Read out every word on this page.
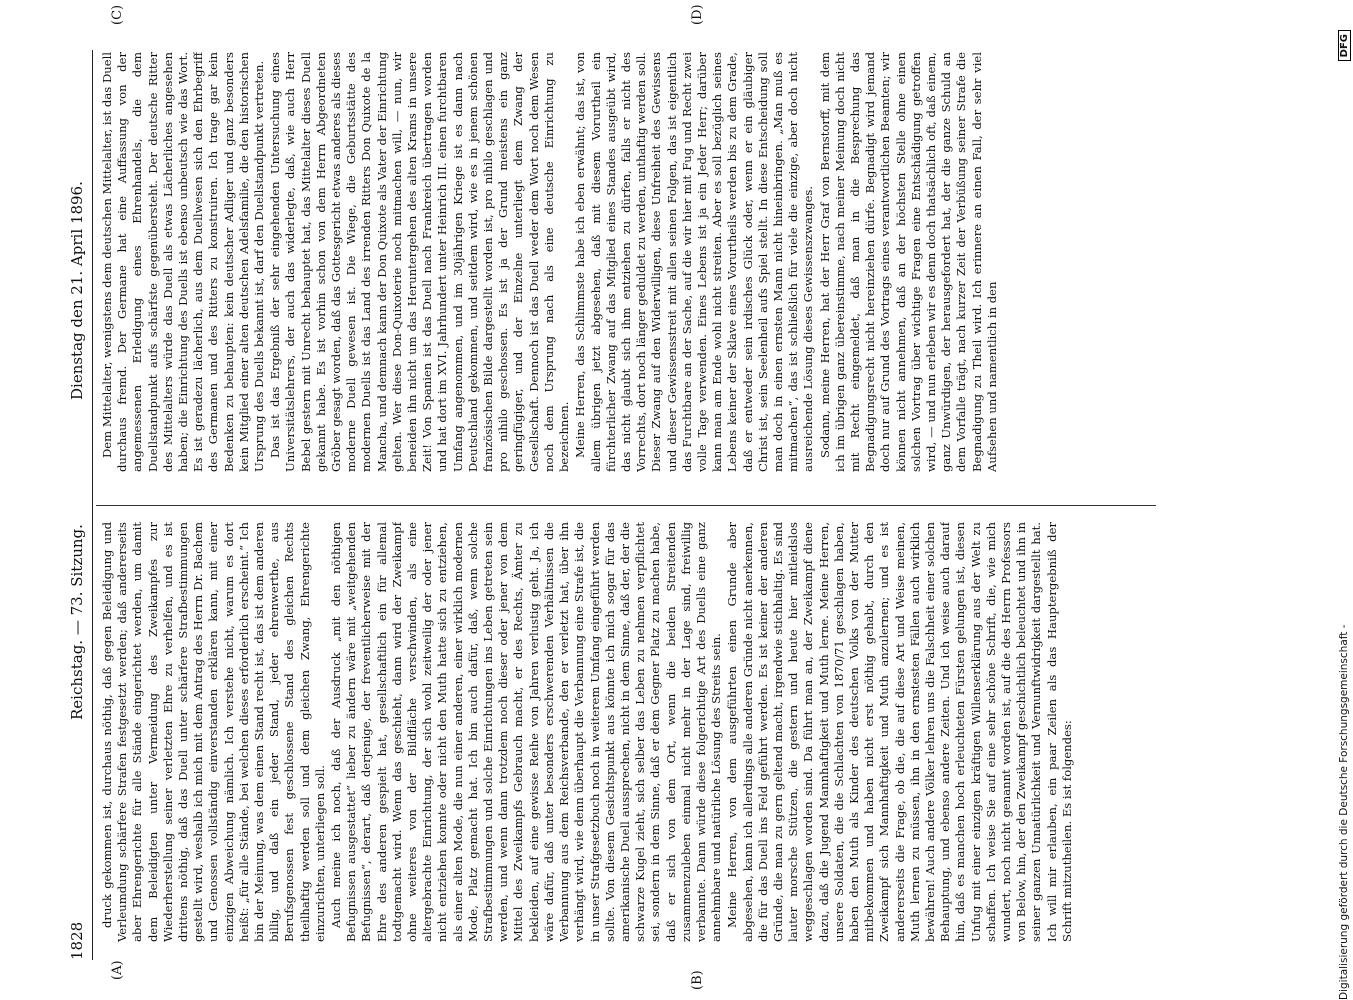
1828
Reichstag. — 73. Sitzung.
Dienstag den 21. April 1896.
(A)
(B)
(C)	(D)

druck gekommen ist, durchaus nöthig, daß gegen Beleidigung und Verleumdung schärfere Strafen festgesetzt werden; daß andererseits aber Ehrengerichte für alle Stände eingerichtet werden, um damit dem Beleidigten unter Vermeidung des Zweikampfes zur Wiederherstellung seiner verletzten Ehre zu verhelfen, und es ist drittens nöthig, daß das Duell unter schärfere Strafbestimmungen gestellt wird, weshalb ich mich mit dem Antrag des Herrn Dr. Bachem und Genossen vollständig einverstanden erklären kann, mit einer einzigen Abweichung nämlich. Ich verstehe nicht, warum es dort heißt: „für alle Stände, bei welchen dieses erforderlich erscheint.“ Ich bin der Meinung, was dem einen Stand recht ist, das ist dem anderen billig, und daß ein jeder Stand, jeder ehrenwerthe, aus Berufsgenossen fest geschlossene Stand des gleichen Rechts theilhaftig werden soll und dem gleichen Zwang, Ehrengerichte einzurichten, unterliegen soll. Auch meine ich noch, daß der Ausdruck „mit den nöthigen Befugnissen ausgestattet“ lieber zu ändern wäre mit „weitgehenden Befugnissen“, derart, daß derjenige, der freventlicherweise mit der Ehre des anderen gespielt hat, gesellschaftlich ein für allemal todtgemacht wird. Wenn das geschieht, dann wird der Zweikampf ohne weiteres von der Bildfläche verschwinden, als eine altergebrachte Einrichtung, der sich wohl zeitweilig der oder jener nicht entziehen konnte oder nicht den Muth hatte sich zu entziehen, als einer alten Mode, die nun einer anderen, einer wirklich modernen Mode, Platz gemacht hat. Ich bin auch dafür, daß, wenn solche Strafbestimmungen und solche Einrichtungen ins Leben getreten sein werden, und wenn dann trotzdem noch dieser oder jener von dem Mittel des Zweikampfs Gebrauch macht, er des Rechts, Ämter zu bekleiden, auf eine gewisse Reihe von Jahren verlustig geht. Ja, ich wäre dafür, daß unter besonders erschwerenden Verhältnissen die Verbannung aus dem Reichsverbande, den er verletzt hat, über ihn verhängt wird, wie denn überhaupt die Verbannung eine Strafe ist, die in unser Strafgesetzbuch noch in weiterem Umfang eingeführt werden sollte. Von diesem Gesichtspunkt aus könnte ich mich sogar für das amerikanische Duell aussprechen, nicht in dem Sinne, daß der, der die schwarze Kugel zieht, sich selber das Leben zu nehmen verpflichtet sei, sondern in dem Sinne, daß er dem Gegner Platz zu machen habe, daß er sich von dem Ort, wenn die beiden Streitenden zusammenzuleben einmal nicht mehr in der Lage sind, freiwillig verbannte. Dann würde diese folgerichtige Art des Duells eine ganz annehmbare und natürliche Lösung des Streits sein. Meine Herren, von dem ausgeführten einen Grunde aber abgesehen, kann ich allerdings alle anderen Gründe nicht anerkennen, die für das Duell ins Feld geführt werden. Es ist keiner der anderen Gründe, die man zu gern geltend macht, irgendwie stichhaltig. Es sind lauter morsche Stützen, die gestern und heute hier mitleidslos weggeschlagen worden sind. Da führt man an, der Zweikampf diene dazu, daß die Jugend Mannhaftigkeit und Muth lerne. Meine Herren, unsere Soldaten, die die Schlachten von 1870/71 geschlagen haben, haben den Muth als Kinder des deutschen Volks von der Mutter mitbekommen und haben nicht erst nöthig gehabt, durch den Zweikampf sich Mannhaftigkeit und Muth anzulernen; und es ist andererseits die Frage, ob die, die auf diese Art und Weise meinen, Muth lernen zu müssen, ihn in den ernstesten Fällen auch wirklich bewähren! Auch andere Völker lehren uns die Falschheit einer solchen Behauptung, und ebenso andere Zeiten. Und ich weise auch darauf hin, daß es manchen hoch erleuchteten Fürsten gelungen ist, diesen Unfug mit einer einzigen kräftigen Willenserklärung aus der Welt zu schaffen. Ich weise Sie auf eine sehr schöne Schrift, die, wie mich wundert, noch nicht genannt worden ist, auf die des Herrn Professors von Below, hin, der den Zweikampf geschichtlich beleuchtet und ihn in seiner ganzen Unnatürlichkeit und Vernunftwidrigkeit dargestellt hat. Ich will mir erlauben, ein paar Zeilen als das Hauptergebniß der Schrift mitzutheilen. Es ist folgendes:

Dem Mittelalter, wenigstens dem deutschen Mittelalter, ist das Duell durchaus fremd. Der Germane hat eine Auffassung von der angemessenen Erledigung eines Ehrenhandels, die dem Duellstandpunkt aufs schärfste gegenübersteht. Der deutsche Ritter des Mittelalters würde das Duell als etwas Lächerliches angesehen haben; die Einrichtung des Duells ist ebenso unbeutsch wie das Wort. Es ist geradezu lächerlich, aus dem Duellwesen sich den Ehrbegriff des Germanen und des Ritters zu konstruiren. Ich trage gar kein Bedenken zu behaupten: kein deutscher Adliger und ganz besonders kein Mitglied einer alten deutschen Adelsfamilie, die den historischen Ursprung des Duells bekannt ist, darf den Duellstandpunkt vertreten. Das ist das Ergebniß der sehr eingehenden Untersuchung eines Universitätslehrers, der auch das widerlegte, daß, wie auch Herr Bebel gestern mit Unrecht behauptet hat, das Mittelalter dieses Duell gekannt habe. Es ist vorhin schon von dem Herrn Abgeordneten Gröber gesagt worden, daß das Gottesgericht etwas anderes als dieses moderne Duell gewesen ist. Die Wiege, die Geburtsstätte des modernen Duells ist das Land des irrenden Ritters Don Quixote de la Mancha, und demnach kann der Don Quixote als Vater der Einrichtung gelten. Wer diese Don-Quixoterie noch mitmachen will, — nun, wir beneiden ihn nicht um das Heruntergehen des alten Krams in unsere Zeit! Von Spanien ist das Duell nach Frankreich übertragen worden und hat dort im XVI. Jahrhundert unter Heinrich III. einen furchtbaren Umfang angenommen, und im 30jährigen Kriege ist es dann nach Deutschland gekommen, und seitdem wird, wie es in jenem schönen französischen Bilde dargestellt worden ist, pro nihilo geschlagen und pro nihilo geschossen. Es ist ja der Grund meistens ein ganz geringfügiger, und der Einzelne unterliegt dem Zwang der Gesellschaft. Dennoch ist das Duell weder dem Wort noch dem Wesen noch dem Ursprung nach als eine deutsche Einrichtung zu bezeichnen. Meine Herren, das Schlimmste habe ich eben erwähnt; das ist, von allem übrigen jetzt abgesehen, daß mit diesem Vorurtheil ein fürchterlicher Zwang auf das Mitglied eines Standes ausgeübt wird, das nicht glaubt sich ihm entziehen zu dürfen, falls er nicht des Vorrechts, dort noch länger geduldet zu werden, unthaftig werden soll. Dieser Zwang auf den Widerwilligen, diese Unfreiheit des Gewissens und dieser Gewissensstreit mit allen seinen Folgen, das ist eigentlich das Furchtbare an der Sache, auf die wir hier mit Fug und Recht zwei volle Tage verwenden. Eines Lebens ist ja ein Jeder Herr; darüber kann man am Ende wohl nicht streiten. Aber es soll bezüglich seines Lebens keiner der Sklave eines Vorurtheils werden bis zu dem Grade, daß er entweder sein irdisches Glück oder, wenn er ein gläubiger Christ ist, sein Seelenheil aufs Spiel stellt. In diese Entscheidung soll man doch in einen ernsten Mann nicht hineinbringen. „Man muß es mitmachen“, das ist schließlich für viele die einzige, aber doch nicht ausreichende Lösung dieses Gewissenszwanges. Sodann, meine Herren, hat der Herr Graf von Bernstorff, mit dem ich im übrigen ganz übereinstimme, nach meiner Meinung doch nicht mit Recht eingemeldet, daß man in die Besprechung das Begnadigungsrecht nicht hereinziehen dürfe. Begnadigt wird jemand doch nur auf Grund des Vortrags eines verantwortlichen Beamten; wir können nicht annehmen, daß an der höchsten Stelle ohne einen solchen Vortrag über wichtige Fragen eine Entschädigung getroffen wird, — und nun erleben wir es denn doch thatsächlich oft, daß einem, ganz Unwürdigen, der herausgefordert hat, der die ganze Schuld an dem Vorfalle trägt, nach kurzer Zeit der Verbüßung seiner Strafe die Begnadigung zu Theil wird. Ich erinnere an einen Fall, der sehr viel Aufsehen und namentlich in den

Digitalisierung gefördert durch die Deutsche Forschungsgemeinschaft -
DFG
